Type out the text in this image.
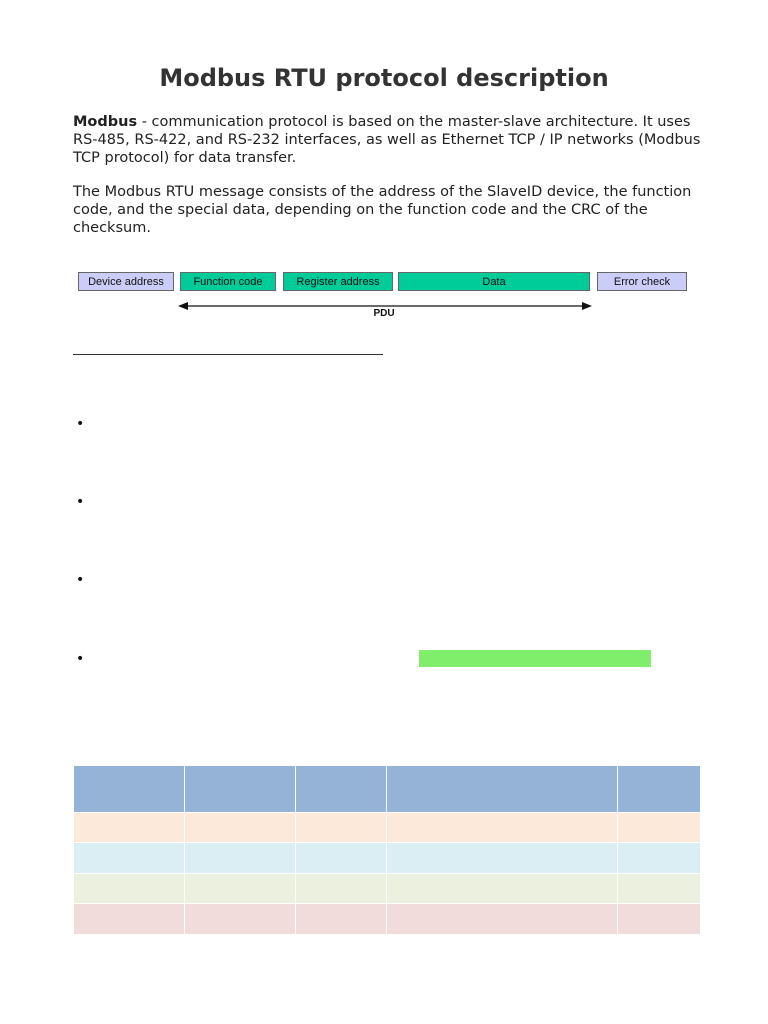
Modbus RTU protocol description

Modbus - communication protocol is based on the master-slave architecture. It uses RS-485, RS-422, and RS-232 interfaces, as well as Ethernet TCP / IP networks (Modbus TCP protocol) for data transfer.

The Modbus RTU message consists of the address of the SlaveID device, the function code, and the special data, depending on the function code and the CRC of the checksum.

Device address	Function code	Register address	Data	Error check
PDU
•
•
•
•
